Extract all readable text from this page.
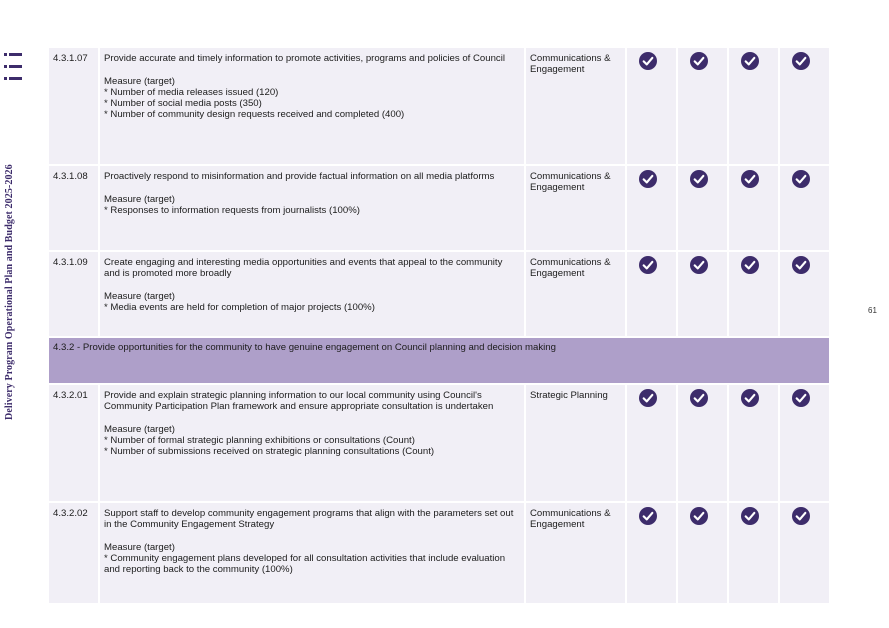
Delivery Program Operational Plan and Budget 2025-2026	61
4.3.1.07	Provide accurate and timely information to promote activities, programs and policies of Council
Measure (target)
* Number of media releases issued (120)
* Number of social media posts (350)
* Number of community design requests received and completed (400)	Communications & Engagement	

4.3.1.08	Proactively respond to misinformation and provide factual information on all media platforms
Measure (target)
* Responses to information requests from journalists (100%)	Communications & Engagement	

4.3.1.09	Create engaging and interesting media opportunities and events that appeal to the community and is promoted more broadly
Measure (target)
* Media events are held for completion of major projects (100%)	Communications & Engagement	

4.3.2 - Provide opportunities for the community to have genuine engagement on Council planning and decision making						
4.3.2.01	Provide and explain strategic planning information to our local community using Council's Community Participation Plan framework and ensure appropriate consultation is undertaken
Measure (target)
* Number of formal strategic planning exhibitions or consultations (Count)
* Number of submissions received on strategic planning consultations (Count)	Strategic Planning	

4.3.2.02	Support staff to develop community engagement programs that align with the parameters set out in the Community Engagement Strategy
Measure (target)
* Community engagement plans developed for all consultation activities that include evaluation and reporting back to the community (100%)	Communications & Engagement	
